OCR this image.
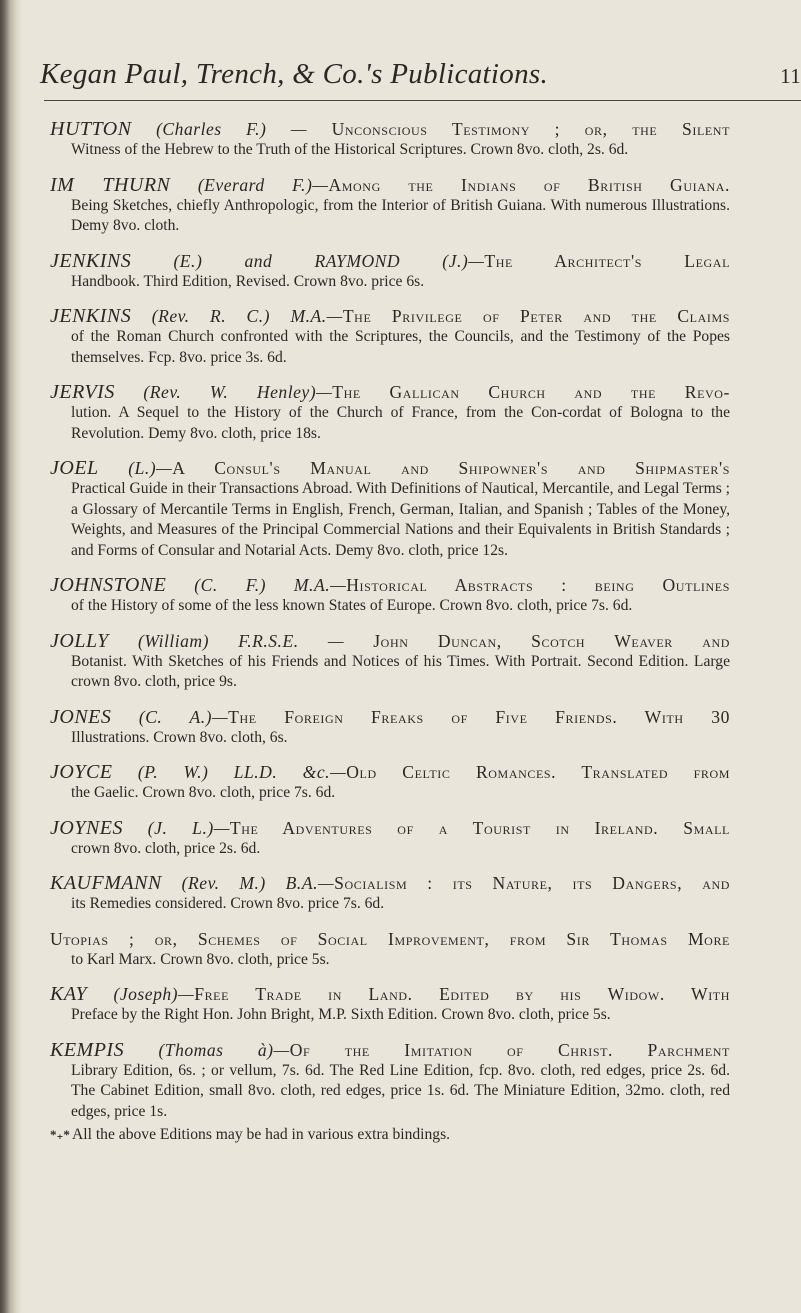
Kegan Paul, Trench, & Co.'s Publications.	11
HUTTON (Charles F.) — Unconscious Testimony ; or, the Silent
Witness of the Hebrew to the Truth of the Historical Scriptures. Crown 8vo. cloth, 2s. 6d.
IM THURN (Everard F.)—Among the Indians of British Guiana.
Being Sketches, chiefly Anthropologic, from the Interior of British Guiana. With numerous Illustrations. Demy 8vo. cloth.
JENKINS (E.) and RAYMOND (J.)—The Architect's Legal
Handbook. Third Edition, Revised. Crown 8vo. price 6s.
JENKINS (Rev. R. C.) M.A.—The Privilege of Peter and the Claims
of the Roman Church confronted with the Scriptures, the Councils, and the Testimony of the Popes themselves. Fcp. 8vo. price 3s. 6d.
JERVIS (Rev. W. Henley)—The Gallican Church and the Revo-
lution. A Sequel to the History of the Church of France, from the Con-cordat of Bologna to the Revolution. Demy 8vo. cloth, price 18s.
JOEL (L.)—A Consul's Manual and Shipowner's and Shipmaster's
Practical Guide in their Transactions Abroad. With Definitions of Nautical, Mercantile, and Legal Terms ; a Glossary of Mercantile Terms in English, French, German, Italian, and Spanish ; Tables of the Money, Weights, and Measures of the Principal Commercial Nations and their Equivalents in British Standards ; and Forms of Consular and Notarial Acts. Demy 8vo. cloth, price 12s.
JOHNSTONE (C. F.) M.A.—Historical Abstracts : being Outlines
of the History of some of the less known States of Europe. Crown 8vo. cloth, price 7s. 6d.
JOLLY (William) F.R.S.E. — John Duncan, Scotch Weaver and
Botanist. With Sketches of his Friends and Notices of his Times. With Portrait. Second Edition. Large crown 8vo. cloth, price 9s.
JONES (C. A.)—The Foreign Freaks of Five Friends. With 30
Illustrations. Crown 8vo. cloth, 6s.
JOYCE (P. W.) LL.D. &c.—Old Celtic Romances. Translated from
the Gaelic. Crown 8vo. cloth, price 7s. 6d.
JOYNES (J. L.)—The Adventures of a Tourist in Ireland. Small
crown 8vo. cloth, price 2s. 6d.
KAUFMANN (Rev. M.) B.A.—Socialism : its Nature, its Dangers, and
its Remedies considered. Crown 8vo. price 7s. 6d.
Utopias ; or, Schemes of Social Improvement, from Sir Thomas More
to Karl Marx. Crown 8vo. cloth, price 5s.
KAY (Joseph)—Free Trade in Land. Edited by his Widow. With
Preface by the Right Hon. John Bright, M.P. Sixth Edition. Crown 8vo. cloth, price 5s.
KEMPIS (Thomas à)—Of the Imitation of Christ. Parchment
Library Edition, 6s. ; or vellum, 7s. 6d. The Red Line Edition, fcp. 8vo. cloth, red edges, price 2s. 6d. The Cabinet Edition, small 8vo. cloth, red edges, price 1s. 6d. The Miniature Edition, 32mo. cloth, red edges, price 1s.
*₊* All the above Editions may be had in various extra bindings.
